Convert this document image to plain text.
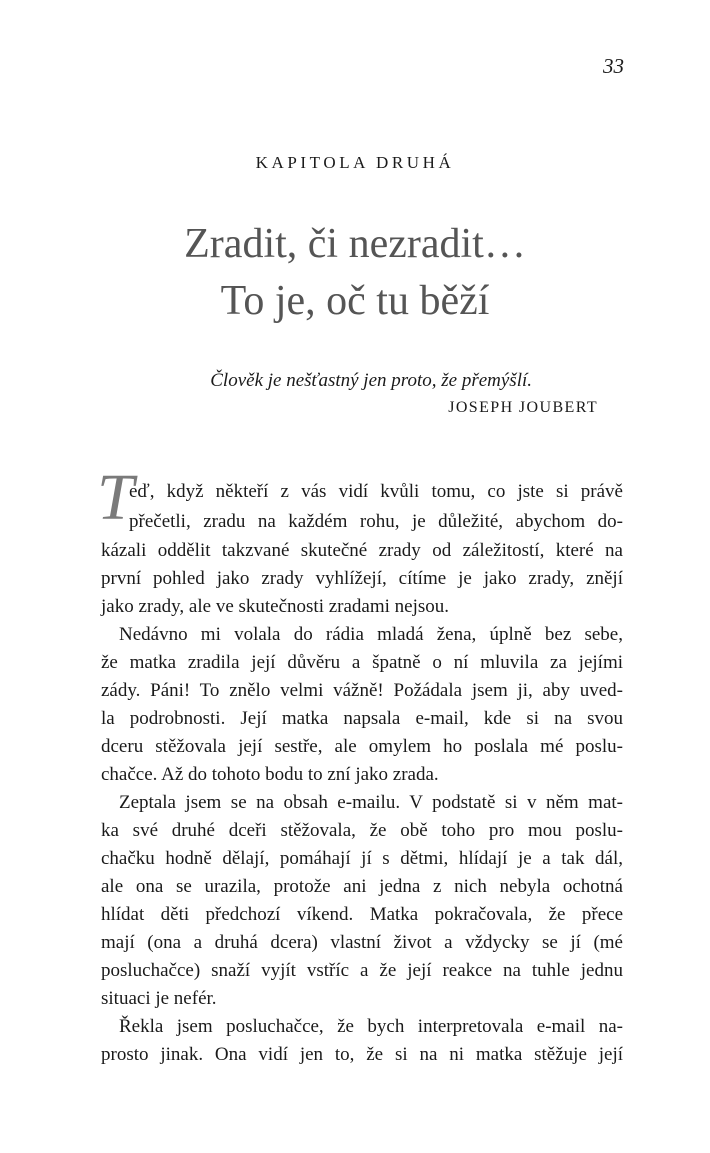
33
KAPITOLA DRUHÁ
Zradit, či nezradit…
To je, oč tu běží
Člověk je nešťastný jen proto, že přemýšlí.
JOSEPH JOUBERT
T
eď, když někteří z vás vidí kvůli tomu, co jste si právě
přečetli, zradu na každém rohu, je důležité, abychom do-
kázali oddělit takzvané skutečné zrady od záležitostí, které na
první pohled jako zrady vyhlížejí, cítíme je jako zrady, znějí
jako zrady, ale ve skutečnosti zradami nejsou.
Nedávno mi volala do rádia mladá žena, úplně bez sebe,
že matka zradila její důvěru a špatně o ní mluvila za jejími
zády. Páni! To znělo velmi vážně! Požádala jsem ji, aby uved-
la podrobnosti. Její matka napsala e-mail, kde si na svou
dceru stěžovala její sestře, ale omylem ho poslala mé poslu-
chačce. Až do tohoto bodu to zní jako zrada.
Zeptala jsem se na obsah e-mailu. V podstatě si v něm mat-
ka své druhé dceři stěžovala, že obě toho pro mou poslu-
chačku hodně dělají, pomáhají jí s dětmi, hlídají je a tak dál,
ale ona se urazila, protože ani jedna z nich nebyla ochotná
hlídat děti předchozí víkend. Matka pokračovala, že přece
mají (ona a druhá dcera) vlastní život a vždycky se jí (mé
posluchačce) snaží vyjít vstříc a že její reakce na tuhle jednu
situaci je nefér.
Řekla jsem posluchačce, že bych interpretovala e-mail na-
prosto jinak. Ona vidí jen to, že si na ni matka stěžuje její
